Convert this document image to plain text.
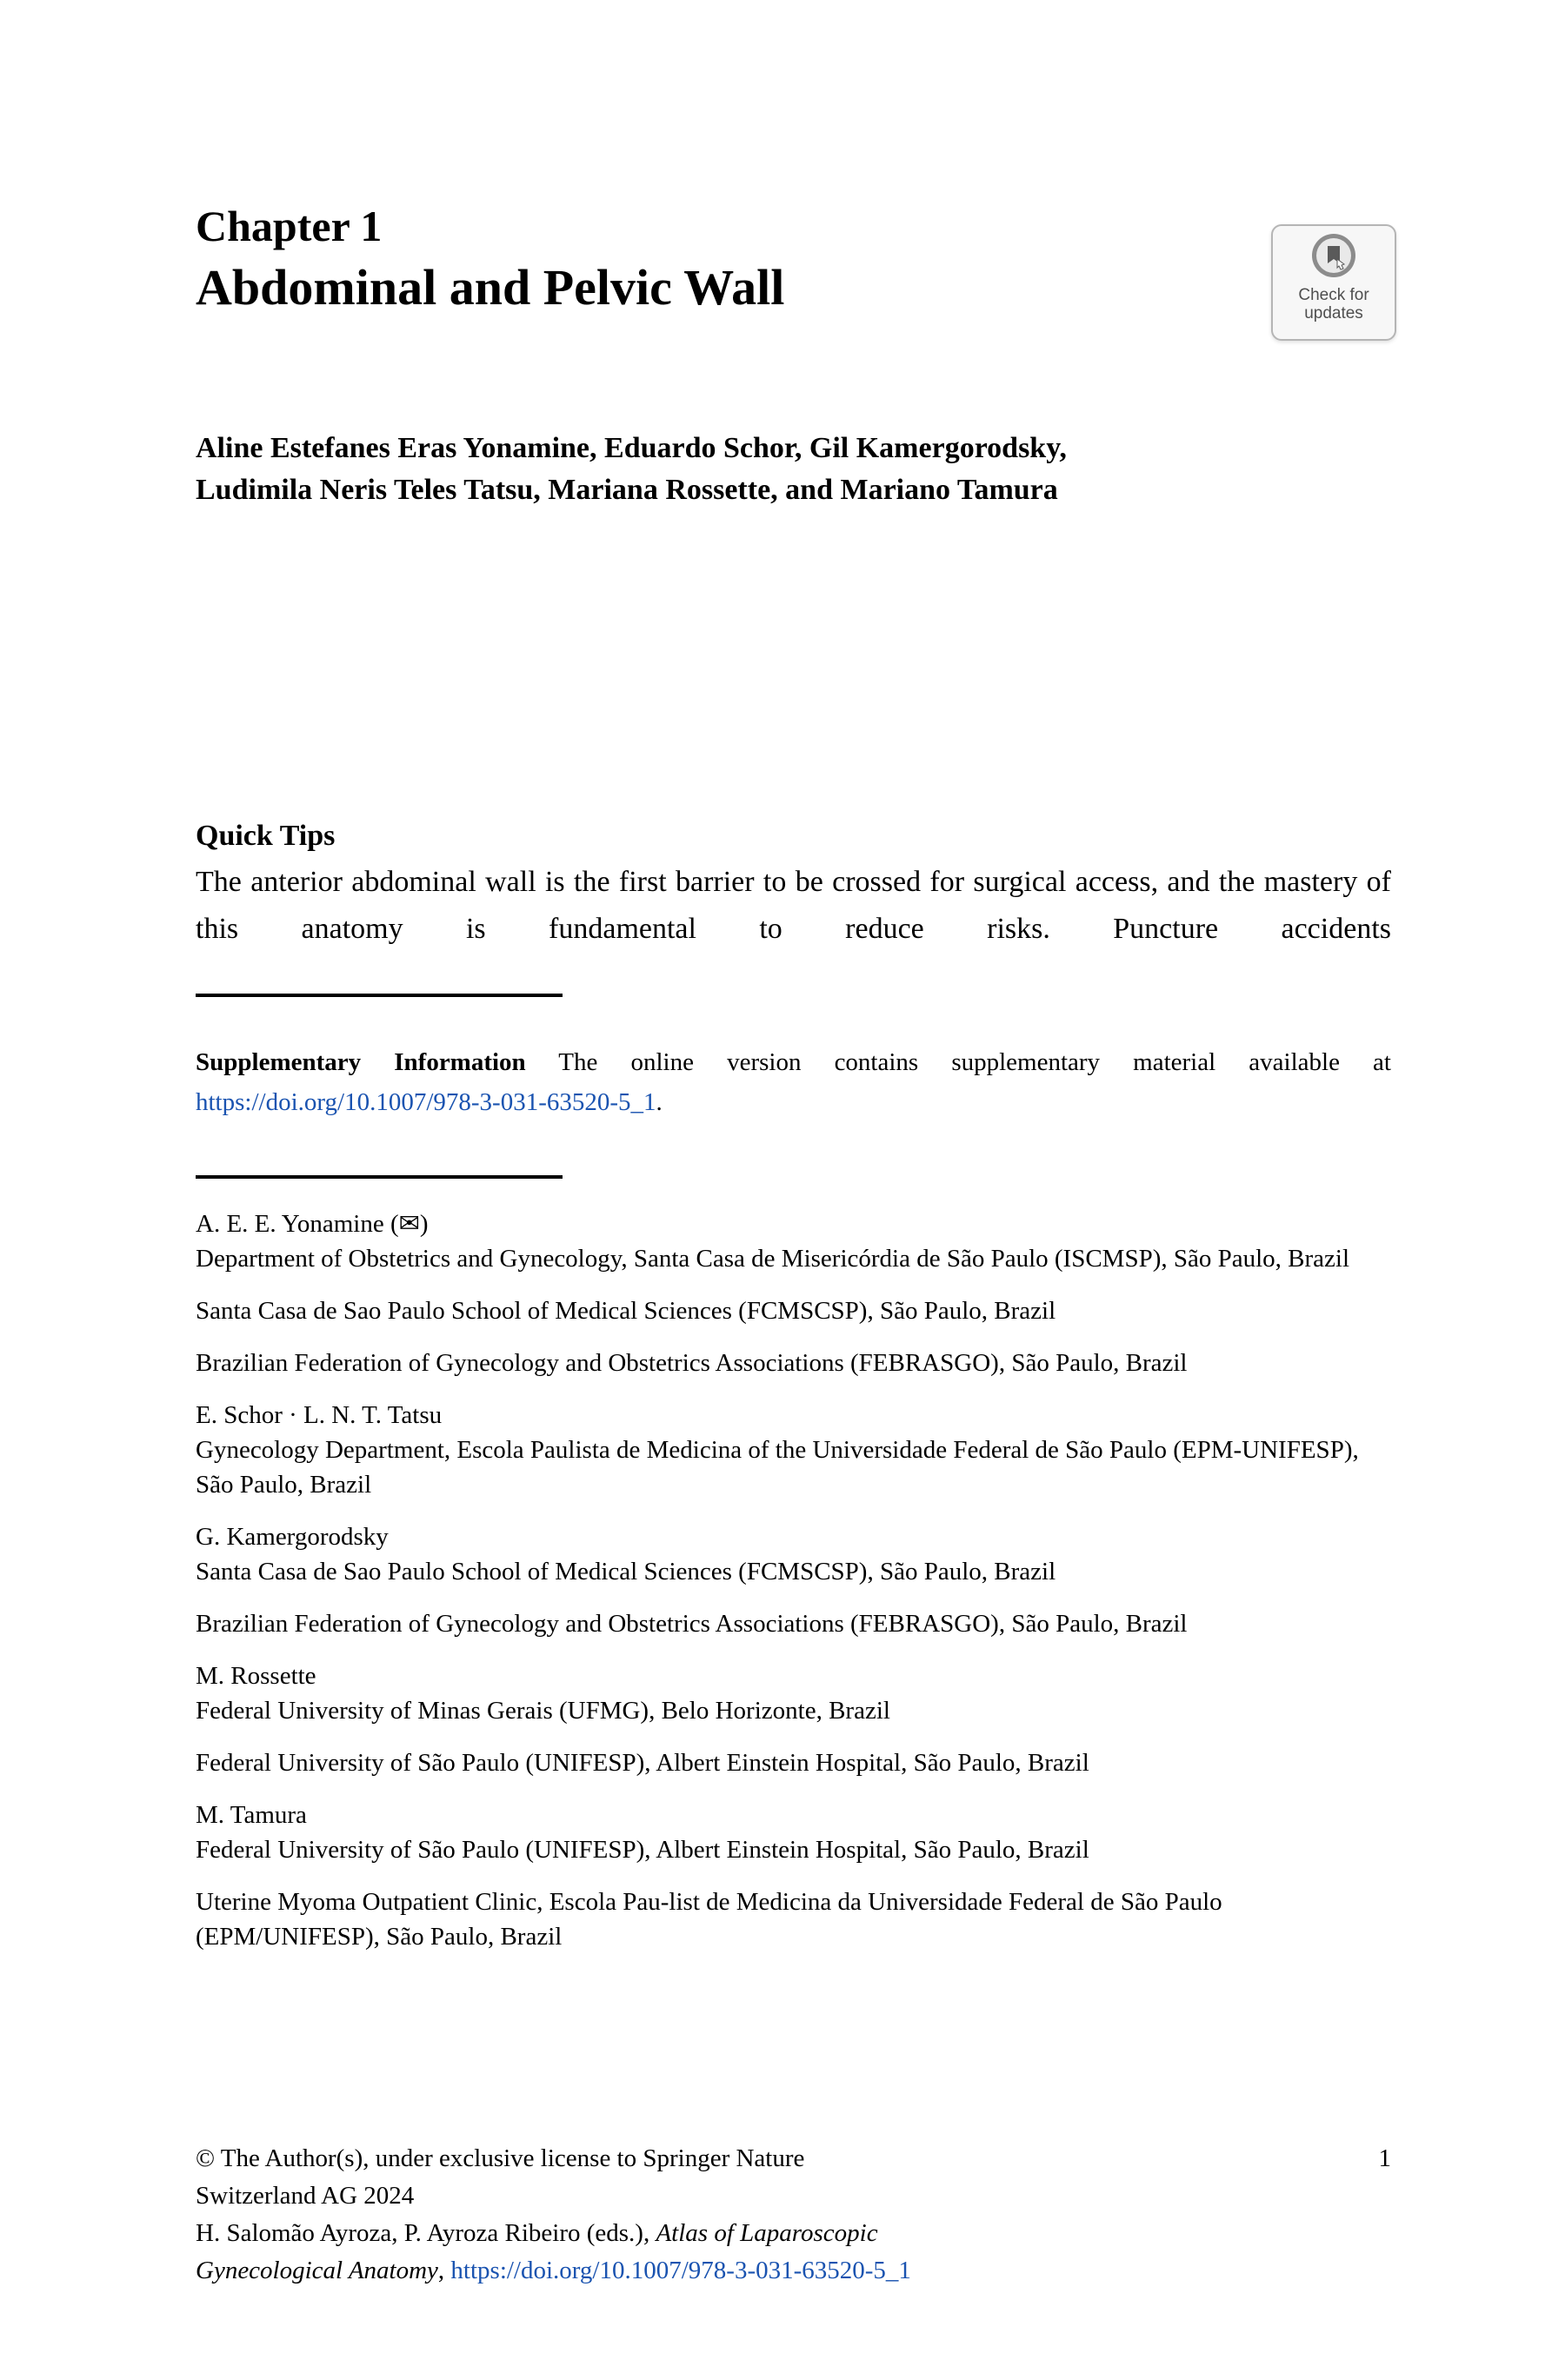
Chapter 1
Abdominal and Pelvic Wall	Check for
updates
Aline Estefanes Eras Yonamine, Eduardo Schor, Gil Kamergorodsky,
Ludimila Neris Teles Tatsu, Mariana Rossette, and Mariano Tamura
Quick Tips
The anterior abdominal wall is the first barrier to be crossed for surgical access, and the mastery of this anatomy is fundamental to reduce risks. Puncture accidents

Supplementary Information The online version contains supplementary material available at https://doi.org/10.1007/978-3-031-63520-5_1.

A. E. E. Yonamine (✉)
Department of Obstetrics and Gynecology, Santa Casa de Misericórdia de São Paulo (ISCMSP), São Paulo, Brazil

Santa Casa de Sao Paulo School of Medical Sciences (FCMSCSP), São Paulo, Brazil

Brazilian Federation of Gynecology and Obstetrics Associations (FEBRASGO), São Paulo, Brazil

E. Schor · L. N. T. Tatsu
Gynecology Department, Escola Paulista de Medicina of the Universidade Federal de São Paulo (EPM-UNIFESP), São Paulo, Brazil

G. Kamergorodsky
Santa Casa de Sao Paulo School of Medical Sciences (FCMSCSP), São Paulo, Brazil

Brazilian Federation of Gynecology and Obstetrics Associations (FEBRASGO), São Paulo, Brazil

M. Rossette
Federal University of Minas Gerais (UFMG), Belo Horizonte, Brazil

Federal University of São Paulo (UNIFESP), Albert Einstein Hospital, São Paulo, Brazil

M. Tamura
Federal University of São Paulo (UNIFESP), Albert Einstein Hospital, São Paulo, Brazil

Uterine Myoma Outpatient Clinic, Escola Pau-list de Medicina da Universidade Federal de São Paulo (EPM/UNIFESP), São Paulo, Brazil

© The Author(s), under exclusive license to Springer Nature	1
Switzerland AG 2024
H. Salomão Ayroza, P. Ayroza Ribeiro (eds.), Atlas of Laparoscopic
Gynecological Anatomy, https://doi.org/10.1007/978-3-031-63520-5_1
